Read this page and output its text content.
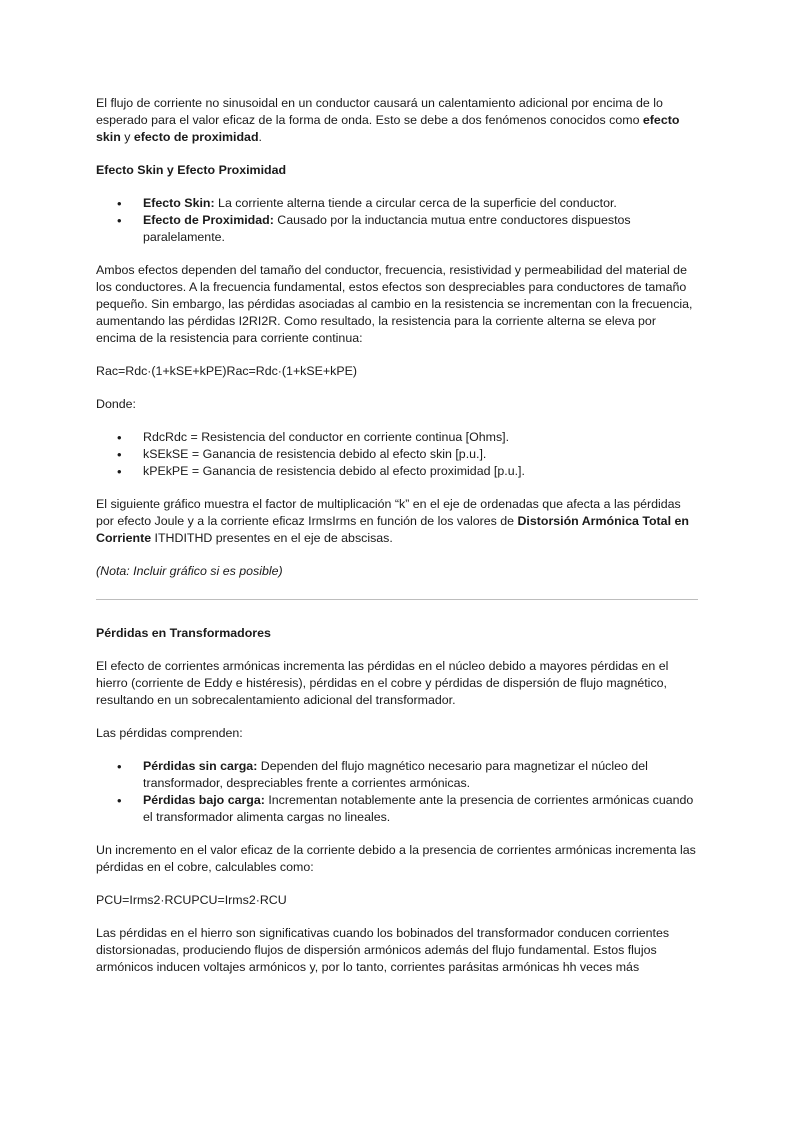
El flujo de corriente no sinusoidal en un conductor causará un calentamiento adicional por encima de lo esperado para el valor eficaz de la forma de onda. Esto se debe a dos fenómenos conocidos como efecto skin y efecto de proximidad.

Efecto Skin y Efecto Proximidad

• Efecto Skin: La corriente alterna tiende a circular cerca de la superficie del conductor.
• Efecto de Proximidad: Causado por la inductancia mutua entre conductores dispuestos paralelamente.

Ambos efectos dependen del tamaño del conductor, frecuencia, resistividad y permeabilidad del material de los conductores. A la frecuencia fundamental, estos efectos son despreciables para conductores de tamaño pequeño. Sin embargo, las pérdidas asociadas al cambio en la resistencia se incrementan con la frecuencia, aumentando las pérdidas I2RI2R. Como resultado, la resistencia para la corriente alterna se eleva por encima de la resistencia para corriente continua:

Rac=Rdc·(1+kSE+kPE)Rac=Rdc·(1+kSE+kPE)

Donde:

• RdcRdc = Resistencia del conductor en corriente continua [Ohms].
• kSEkSE = Ganancia de resistencia debido al efecto skin [p.u.].
• kPEkPE = Ganancia de resistencia debido al efecto proximidad [p.u.].

El siguiente gráfico muestra el factor de multiplicación “k” en el eje de ordenadas que afecta a las pérdidas por efecto Joule y a la corriente eficaz IrmsIrms en función de los valores de Distorsión Armónica Total en Corriente ITHDITHD presentes en el eje de abscisas.

(Nota: Incluir gráfico si es posible)

Pérdidas en Transformadores

El efecto de corrientes armónicas incrementa las pérdidas en el núcleo debido a mayores pérdidas en el hierro (corriente de Eddy e histéresis), pérdidas en el cobre y pérdidas de dispersión de flujo magnético, resultando en un sobrecalentamiento adicional del transformador.

Las pérdidas comprenden:

• Pérdidas sin carga: Dependen del flujo magnético necesario para magnetizar el núcleo del transformador, despreciables frente a corrientes armónicas.
• Pérdidas bajo carga: Incrementan notablemente ante la presencia de corrientes armónicas cuando el transformador alimenta cargas no lineales.

Un incremento en el valor eficaz de la corriente debido a la presencia de corrientes armónicas incrementa las pérdidas en el cobre, calculables como:

PCU=Irms2·RCUPCU=Irms2·RCU

Las pérdidas en el hierro son significativas cuando los bobinados del transformador conducen corrientes distorsionadas, produciendo flujos de dispersión armónicos además del flujo fundamental. Estos flujos armónicos inducen voltajes armónicos y, por lo tanto, corrientes parásitas armónicas hh veces más
